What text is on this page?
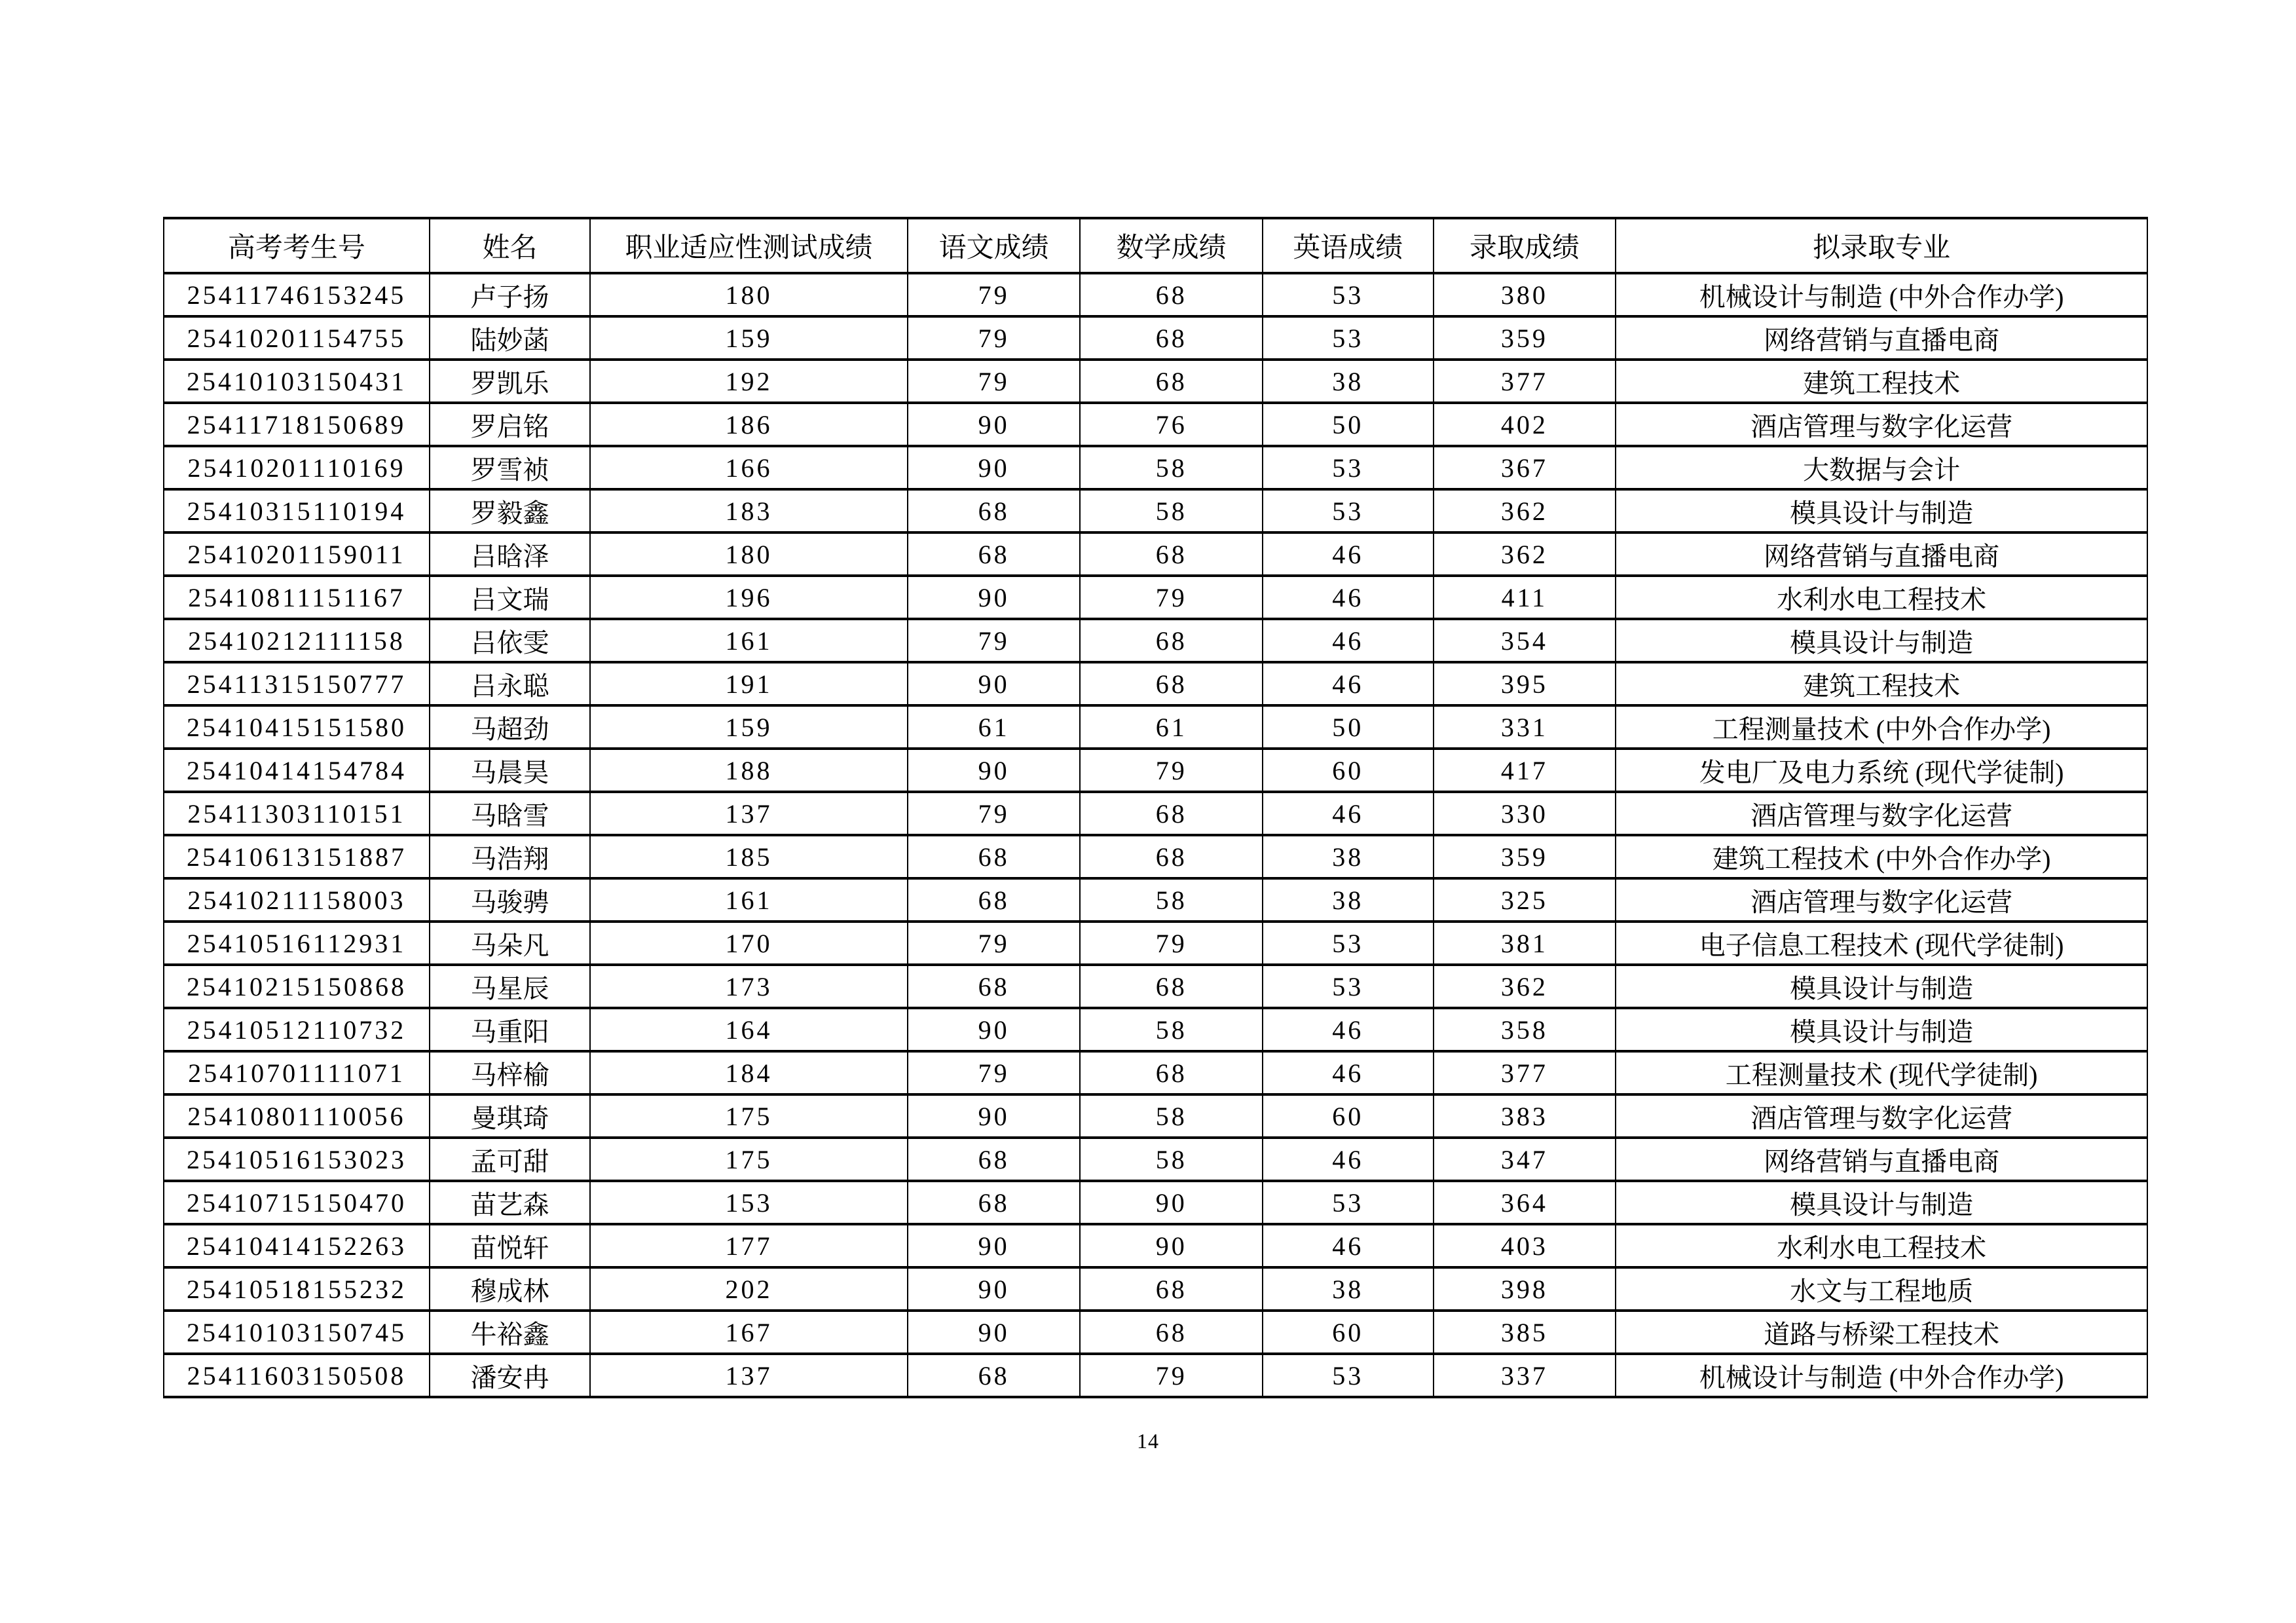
高考考生号	姓名	职业适应性测试成绩	语文成绩	数学成绩	英语成绩	录取成绩	拟录取专业
25411746153245	卢子扬	180	79	68	53	380	机械设计与制造 (中外合作办学)
25410201154755	陆妙菡	159	79	68	53	359	网络营销与直播电商
25410103150431	罗凯乐	192	79	68	38	377	建筑工程技术
25411718150689	罗启铭	186	90	76	50	402	酒店管理与数字化运营
25410201110169	罗雪祯	166	90	58	53	367	大数据与会计
25410315110194	罗毅鑫	183	68	58	53	362	模具设计与制造
25410201159011	吕晗泽	180	68	68	46	362	网络营销与直播电商
25410811151167	吕文瑞	196	90	79	46	411	水利水电工程技术
25410212111158	吕依雯	161	79	68	46	354	模具设计与制造
25411315150777	吕永聪	191	90	68	46	395	建筑工程技术
25410415151580	马超劲	159	61	61	50	331	工程测量技术 (中外合作办学)
25410414154784	马晨昊	188	90	79	60	417	发电厂及电力系统 (现代学徒制)
25411303110151	马晗雪	137	79	68	46	330	酒店管理与数字化运营
25410613151887	马浩翔	185	68	68	38	359	建筑工程技术 (中外合作办学)
25410211158003	马骏骋	161	68	58	38	325	酒店管理与数字化运营
25410516112931	马朵凡	170	79	79	53	381	电子信息工程技术 (现代学徒制)
25410215150868	马星辰	173	68	68	53	362	模具设计与制造
25410512110732	马重阳	164	90	58	46	358	模具设计与制造
25410701111071	马梓榆	184	79	68	46	377	工程测量技术 (现代学徒制)
25410801110056	曼琪琦	175	90	58	60	383	酒店管理与数字化运营
25410516153023	孟可甜	175	68	58	46	347	网络营销与直播电商
25410715150470	苗艺森	153	68	90	53	364	模具设计与制造
25410414152263	苗悦轩	177	90	90	46	403	水利水电工程技术
25410518155232	穆成林	202	90	68	38	398	水文与工程地质
25410103150745	牛裕鑫	167	90	68	60	385	道路与桥梁工程技术
25411603150508	潘安冉	137	68	79	53	337	机械设计与制造 (中外合作办学)
14
